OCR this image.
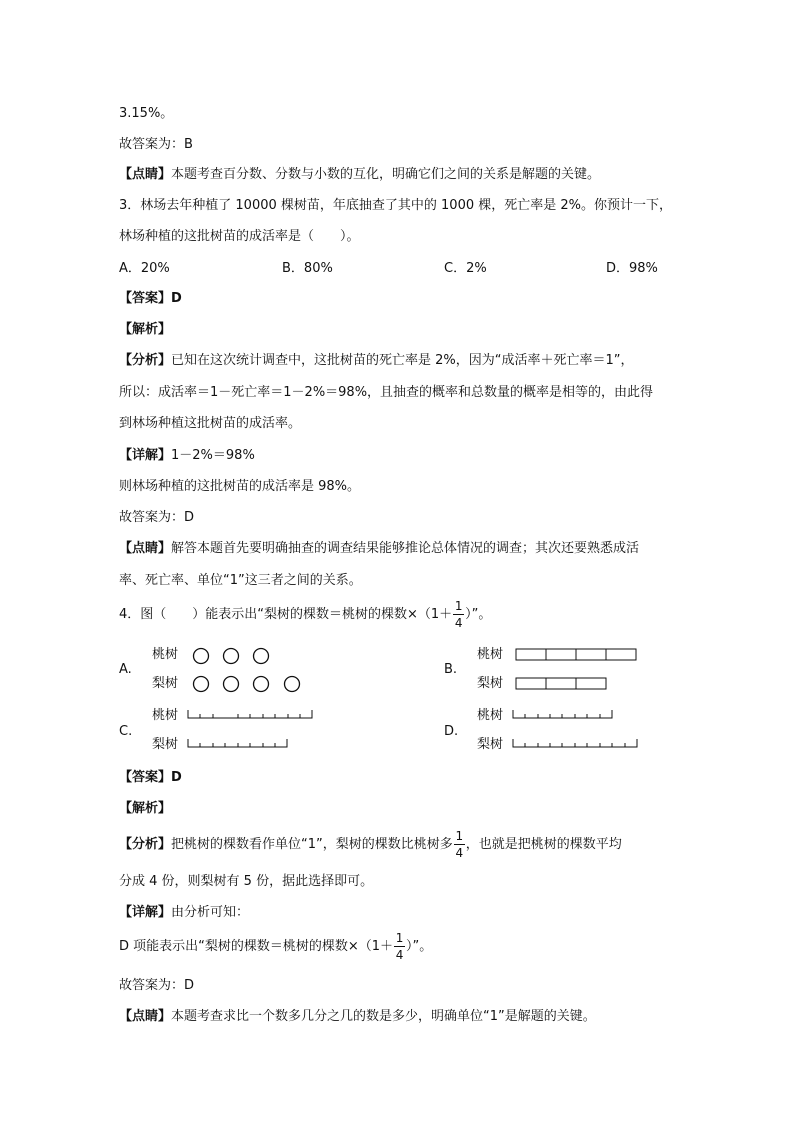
3.15%。
故答案为：B
【点睛】本题考查百分数、分数与小数的互化，明确它们之间的关系是解题的关键。
3．林场去年种植了 10000 棵树苗，年底抽查了其中的 1000 棵，死亡率是 2%。你预计一下，
林场种植的这批树苗的成活率是（　　）。
A．20%	B．80%	C．2%	D．98%
【答案】D
【解析】
【分析】已知在这次统计调查中，这批树苗的死亡率是 2%，因为“成活率＋死亡率＝1”，
所以：成活率＝1－死亡率＝1－2%＝98%，且抽查的概率和总数量的概率是相等的，由此得
到林场种植这批树苗的成活率。
【详解】1－2%＝98%
则林场种植的这批树苗的成活率是 98%。
故答案为：D
【点睛】解答本题首先要明确抽查的调查结果能够推论总体情况的调查；其次还要熟悉成活
率、死亡率、单位“1”这三者之间的关系。
4．图（　　）能表示出“梨树的棵数＝桃树的棵数$\times(1+ \frac{1}{4}$ ）”。
A.
桃树
梨树
B.
桃树
梨树
C.
桃树
梨树
D.
桃树
梨树
【答案】D
【解析】
【分析】把桃树的棵数看作单位“1”，梨树的棵数比桃树多 $\frac{1}{4}$ ，也就是把桃树的棵数平均
分成 4 份，则梨树有 5 份，据此选择即可。
【详解】由分析可知：
D 项能表示出“梨树的棵数＝桃树的棵数$\times(1+ \frac{1}{4}$ ）”。
故答案为：D
【点睛】本题考查求比一个数多几分之几的数是多少，明确单位“1”是解题的关键。
